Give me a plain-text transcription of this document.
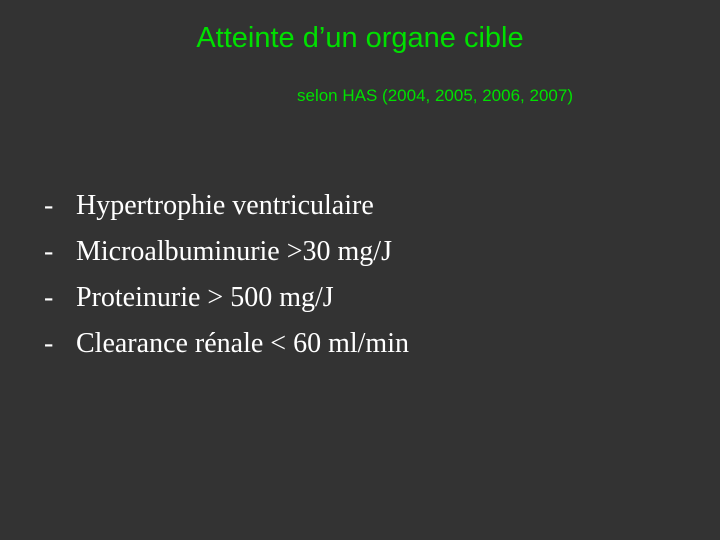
Atteinte d’un organe cible
selon HAS (2004, 2005, 2006, 2007)
- Hypertrophie ventriculaire
- Microalbuminurie >30 mg/J
- Proteinurie > 500 mg/J
- Clearance rénale < 60 ml/min
